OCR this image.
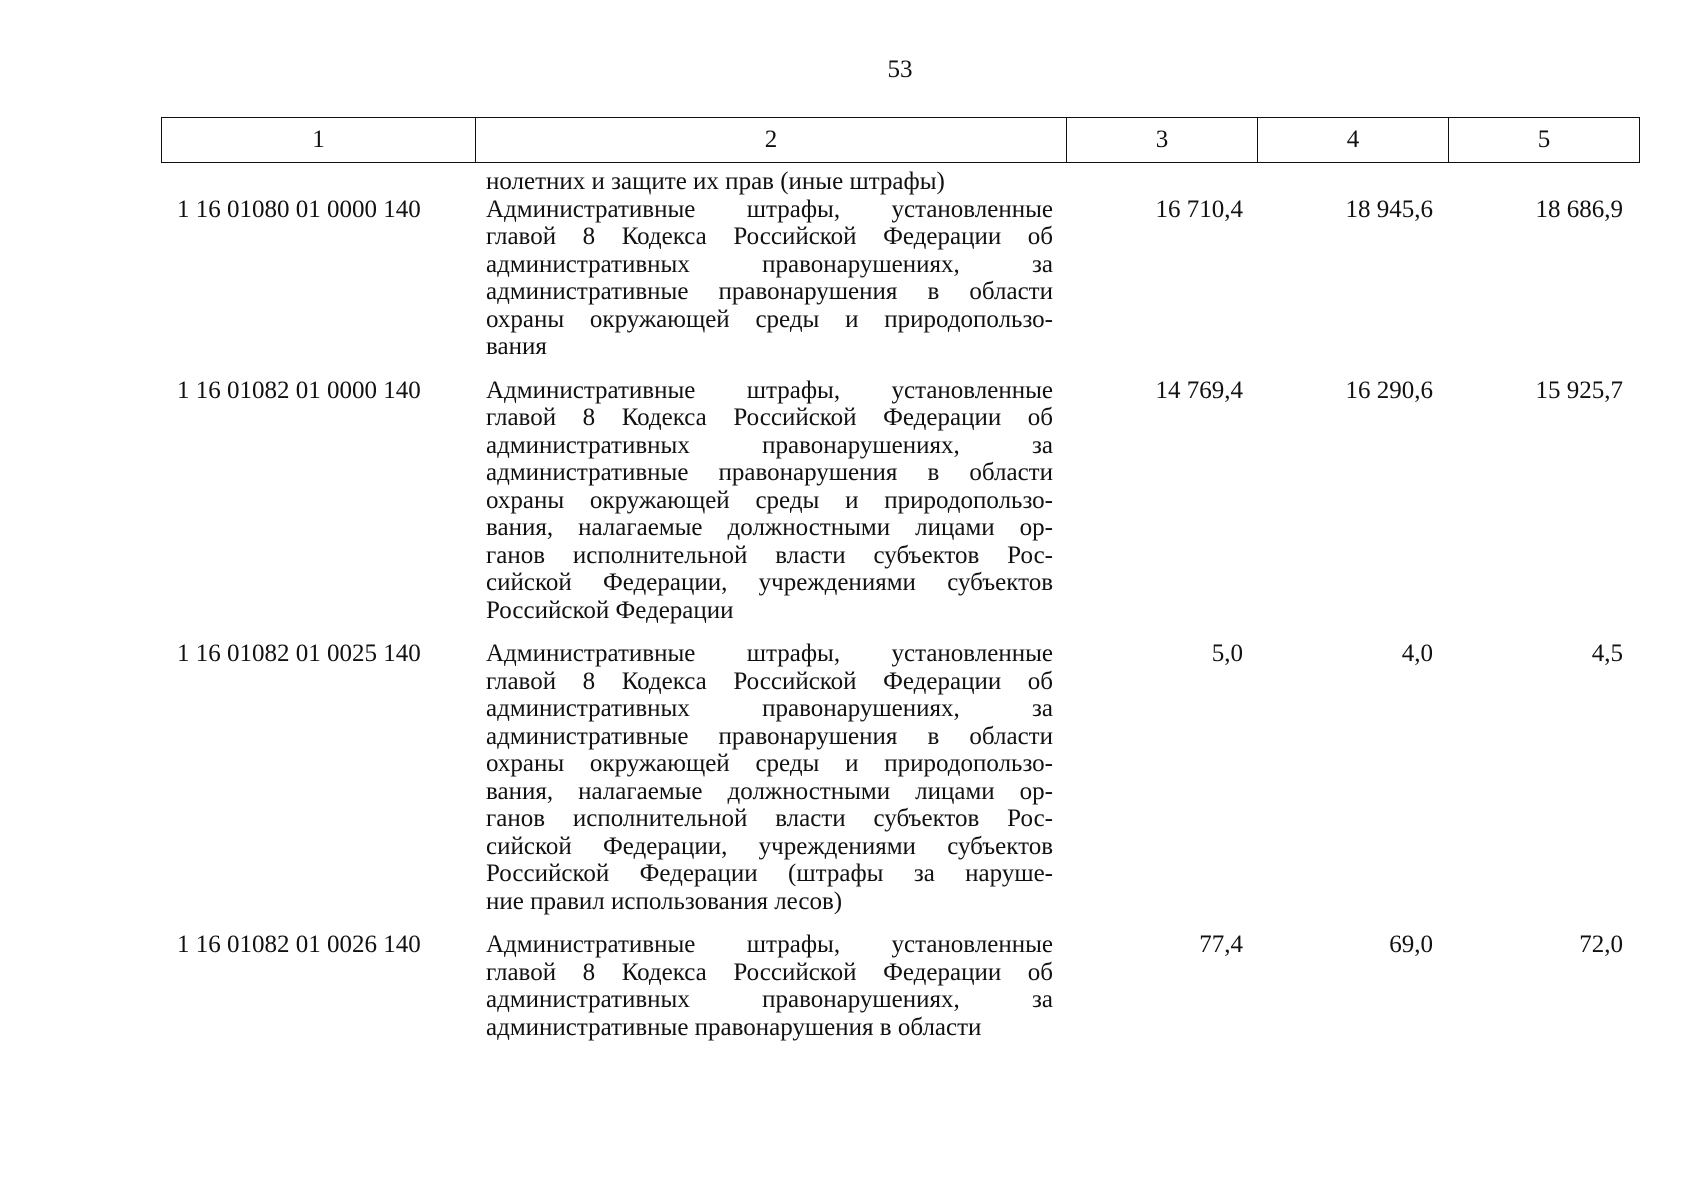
53
1	2	3	4	5
нолетних и защите их прав (иные штрафы)
1 16 01080 01 0000 140	Административные штрафы, установленные
главой 8 Кодекса Российской Федерации об
административных правонарушениях, за
административные правонарушения в области
охраны окружающей среды и природопользо-
вания
16 710,4	18 945,6	18 686,9
1 16 01082 01 0000 140	Административные штрафы, установленные
главой 8 Кодекса Российской Федерации об
административных правонарушениях, за
административные правонарушения в области
охраны окружающей среды и природопользо-
вания, налагаемые должностными лицами ор-
ганов исполнительной власти субъектов Рос-
сийской Федерации, учреждениями субъектов
Российской Федерации
14 769,4	16 290,6	15 925,7
1 16 01082 01 0025 140	Административные штрафы, установленные
главой 8 Кодекса Российской Федерации об
административных правонарушениях, за
административные правонарушения в области
охраны окружающей среды и природопользо-
вания, налагаемые должностными лицами ор-
ганов исполнительной власти субъектов Рос-
сийской Федерации, учреждениями субъектов
Российской Федерации (штрафы за наруше-
ние правил использования лесов)
5,0	4,0	4,5
1 16 01082 01 0026 140	Административные штрафы, установленные
главой 8 Кодекса Российской Федерации об
административных правонарушениях, за
административные правонарушения в области
77,4	69,0	72,0
